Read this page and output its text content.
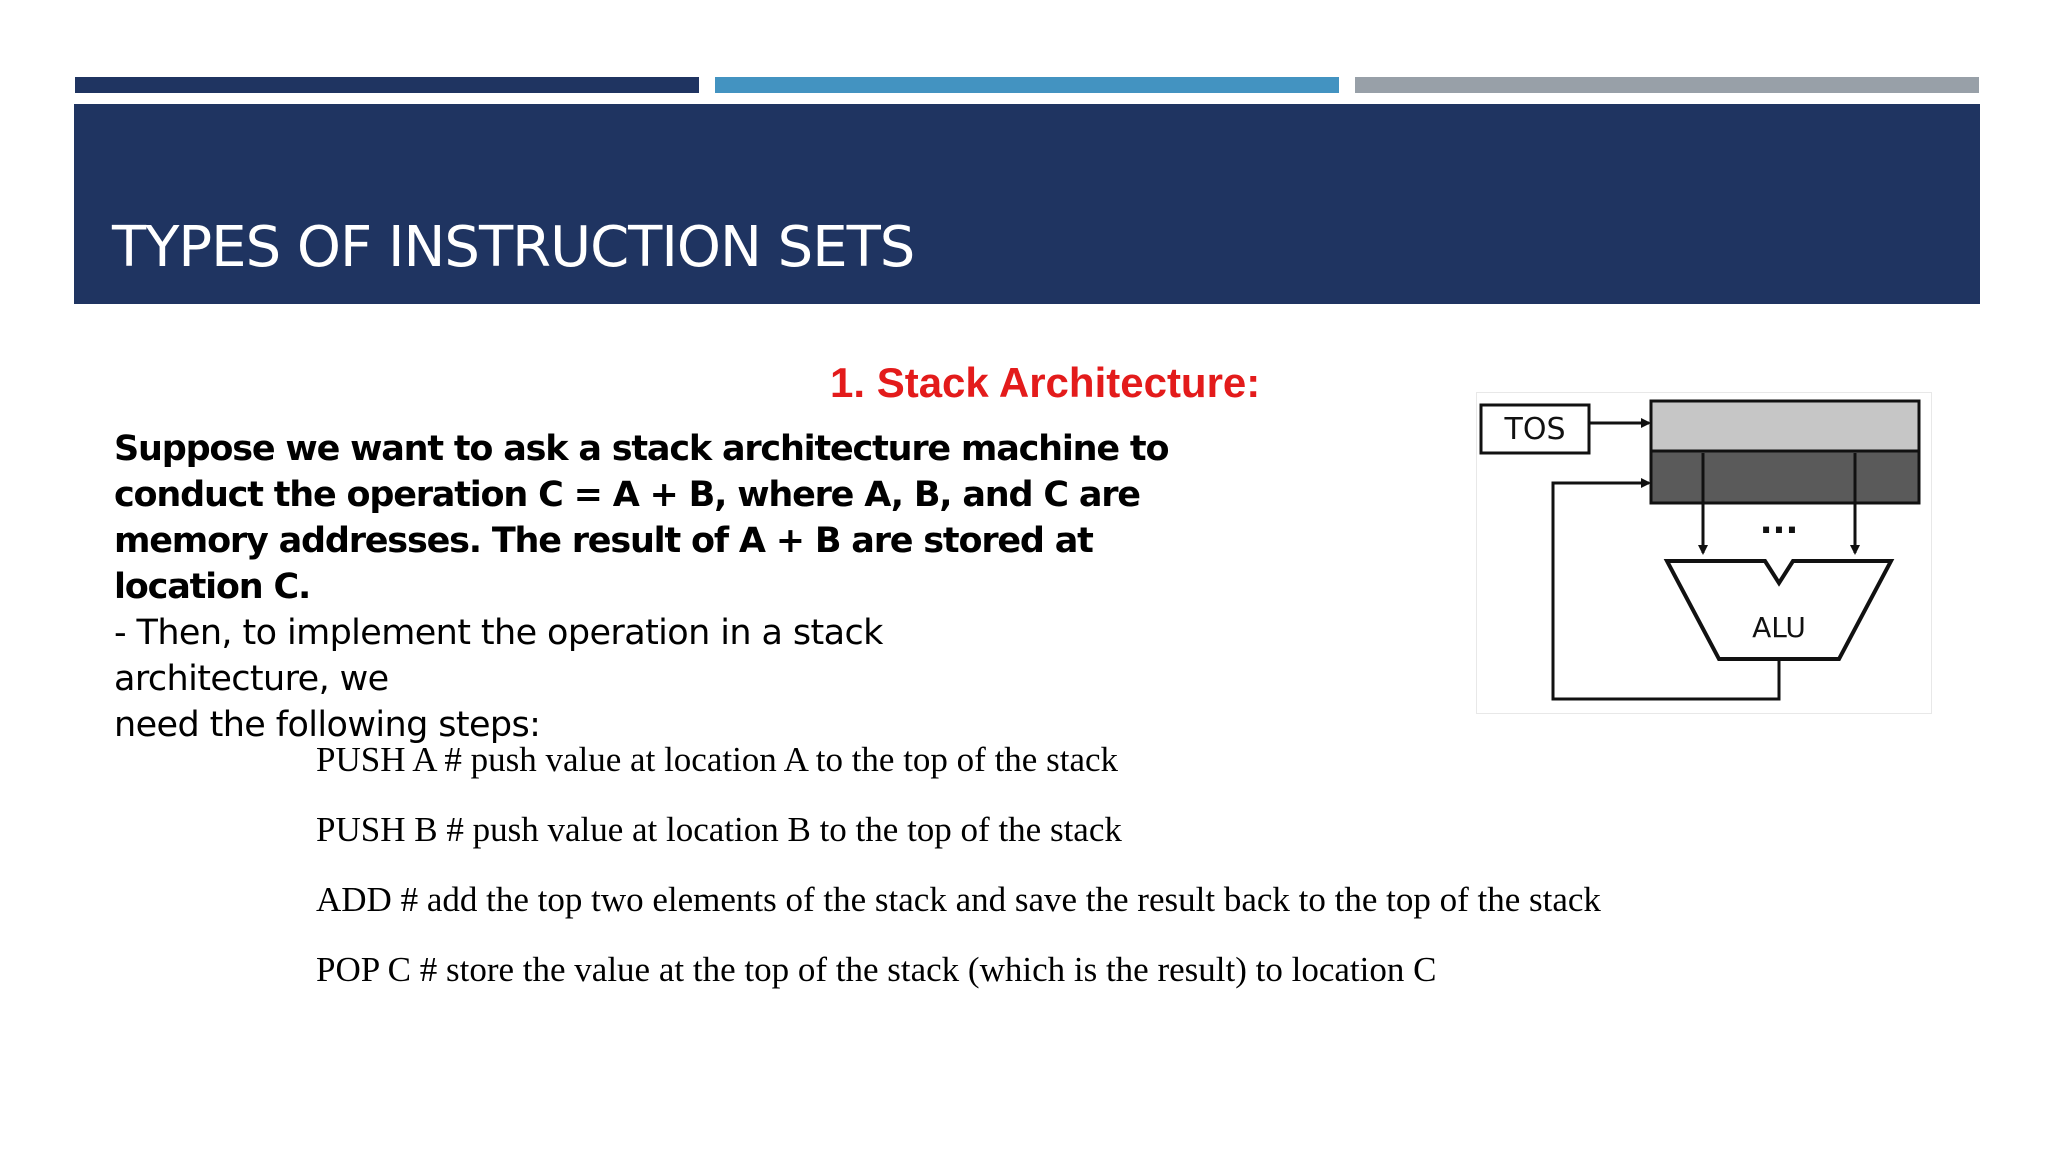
TYPES OF INSTRUCTION SETS
1. Stack Architecture:

Suppose we want to ask a stack architecture machine to
conduct the operation C = A + B, where A, B, and C are
memory addresses. The result of A + B are stored at
location C.

- Then, to implement the operation in a stack
architecture, we
need the following steps:

PUSH A # push value at location A to the top of the stack
PUSH B # push value at location B to the top of the stack
ADD # add the top two elements of the stack and save the result back to the top of the stack
POP C # store the value at the top of the stack (which is the result) to location C
TOS
...
ALU
